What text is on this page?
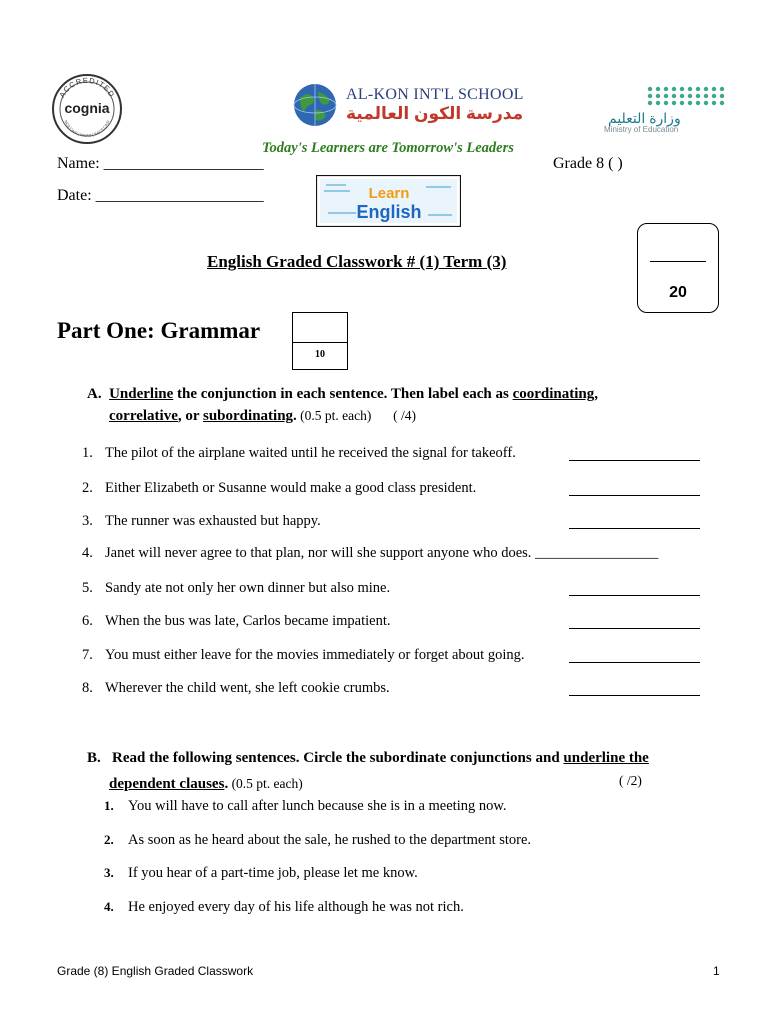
ACCREDITED
cognia
NCA CASI | NWAC | SACS CASI
AL-KON INT'L SCHOOL
مدرسة الكون العالمية
Today's Learners are Tomorrow's Leaders
وزارة التعليم
Ministry of Education
Name: ____________________
Date: _____________________
Grade 8 ( )
Learn
English
English Graded Classwork # (1) Term (3)
20
Part One: Grammar
10
A. Underline the conjunction in each sentence. Then label each as coordinating,
correlative, or subordinating. (0.5 pt. each) ( /4)
1. The pilot of the airplane waited until he received the signal for takeoff.
2. Either Elizabeth or Susanne would make a good class president.
3. The runner was exhausted but happy.
4. Janet will never agree to that plan, nor will she support anyone who does. _________________
5. Sandy ate not only her own dinner but also mine.
6. When the bus was late, Carlos became impatient.
7. You must either leave for the movies immediately or forget about going.
8. Wherever the child went, she left cookie crumbs.
B. Read the following sentences. Circle the subordinate conjunctions and underline the
dependent clauses. (0.5 pt. each)	( /2)
1. You will have to call after lunch because she is in a meeting now.
2. As soon as he heard about the sale, he rushed to the department store.
3. If you hear of a part-time job, please let me know.
4. He enjoyed every day of his life although he was not rich.
Grade (8) English Graded Classwork	1
